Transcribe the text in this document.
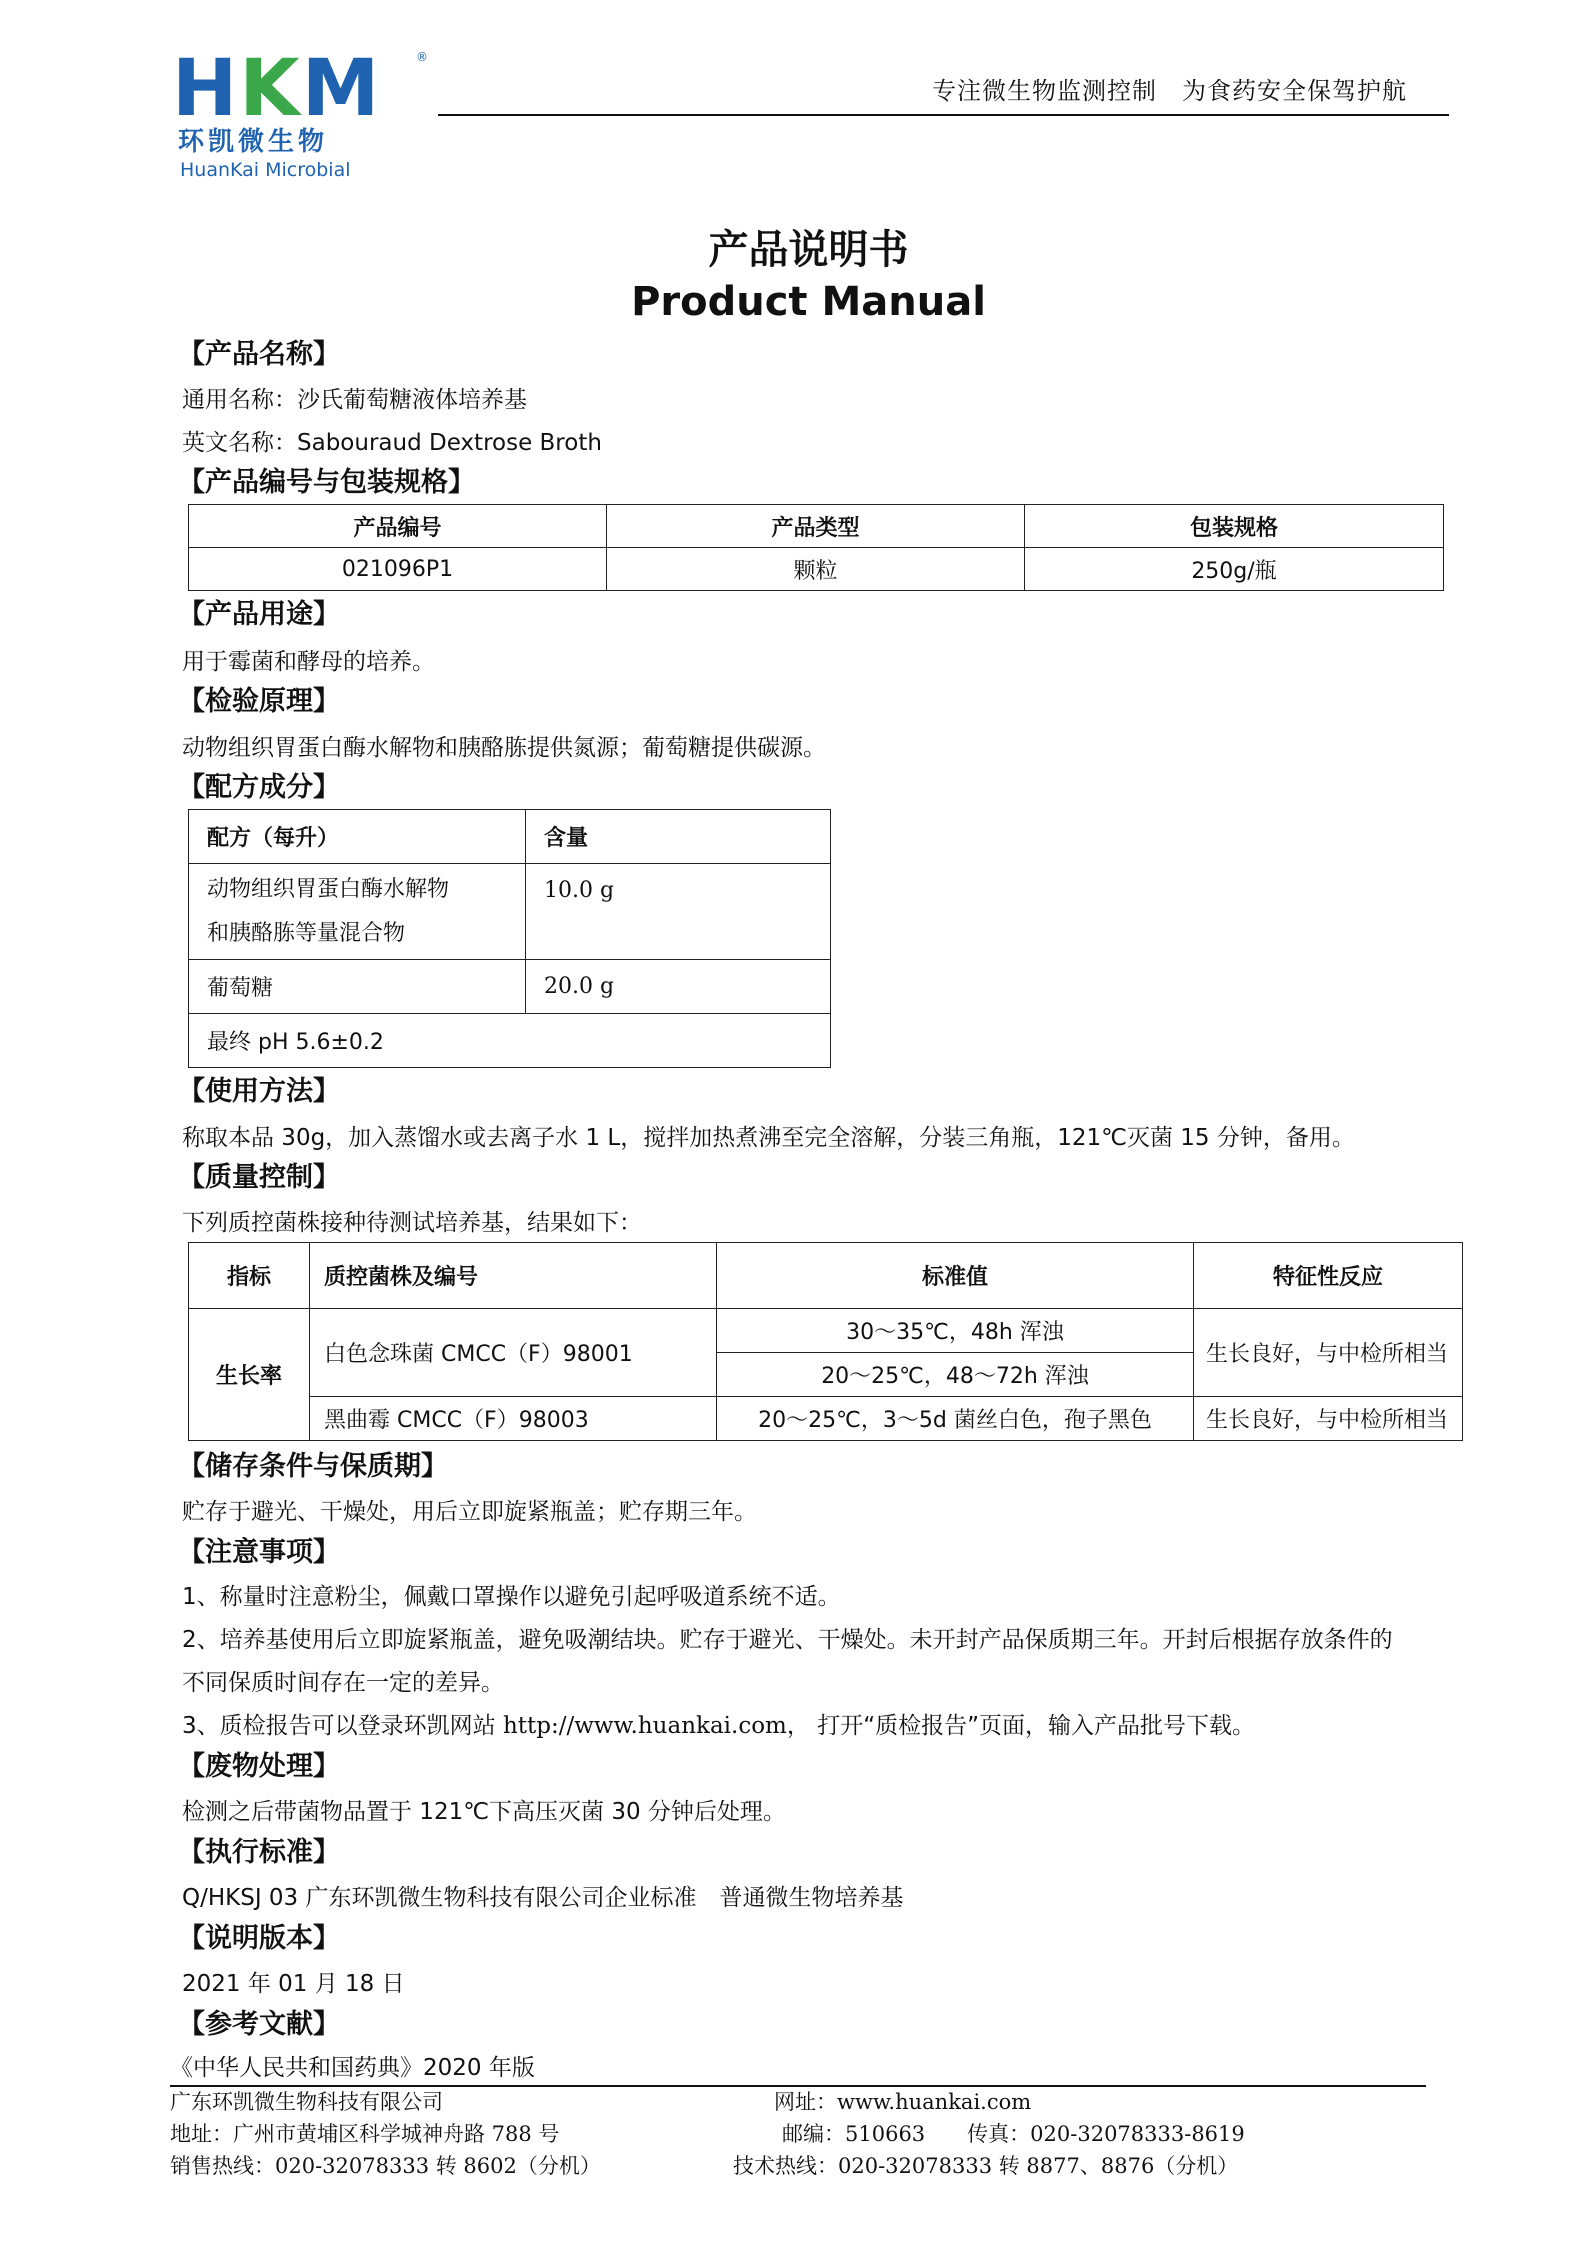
HKM	®
环凯微生物
HuanKai Microbial
专注微生物监测控制　为食药安全保驾护航
产品说明书
Product Manual
【产品名称】
通用名称：沙氏葡萄糖液体培养基
英文名称：Sabouraud Dextrose Broth
【产品编号与包装规格】
产品编号	产品类型	包装规格
021096P1	颗粒	250g/瓶
【产品用途】
用于霉菌和酵母的培养。
【检验原理】
动物组织胃蛋白酶水解物和胰酪胨提供氮源；葡萄糖提供碳源。
【配方成分】
配方（每升）	含量

动物组织胃蛋白酶水解物
和胰酪胨等量混合物	10.0 g
葡萄糖	20.0 g
最终 pH 5.6±0.2	
【使用方法】
称取本品 30g，加入蒸馏水或去离子水 1 L，搅拌加热煮沸至完全溶解，分装三角瓶，121℃灭菌 15 分钟，备用。
【质量控制】
下列质控菌株接种待测试培养基，结果如下：
指标	质控菌株及编号	标准值	特征性反应
生长率	白色念珠菌 CMCC（F）98001	30～35℃，48h 浑浊	生长良好，与中检所相当
		20～25℃，48～72h 浑浊	
	黑曲霉 CMCC（F）98003	20～25℃，3～5d 菌丝白色，孢子黑色	生长良好，与中检所相当
【储存条件与保质期】
贮存于避光、干燥处，用后立即旋紧瓶盖；贮存期三年。
【注意事项】
1、称量时注意粉尘，佩戴口罩操作以避免引起呼吸道系统不适。
2、培养基使用后立即旋紧瓶盖，避免吸潮结块。贮存于避光、干燥处。未开封产品保质期三年。开封后根据存放条件的
不同保质时间存在一定的差异。
3、质检报告可以登录环凯网站 http://www.huankai.com， 打开“质检报告”页面，输入产品批号下载。
【废物处理】
检测之后带菌物品置于 121℃下高压灭菌 30 分钟后处理。
【执行标准】
Q/HKSJ 03 广东环凯微生物科技有限公司企业标准　普通微生物培养基
【说明版本】
2021 年 01 月 18 日
【参考文献】
《中华人民共和国药典》2020 年版
广东环凯微生物科技有限公司	网址：www.huankai.com
地址：广州市黄埔区科学城神舟路 788 号	邮编：510663　　传真：020-32078333-8619
销售热线：020-32078333 转 8602（分机）	技术热线：020-32078333 转 8877、8876（分机）
